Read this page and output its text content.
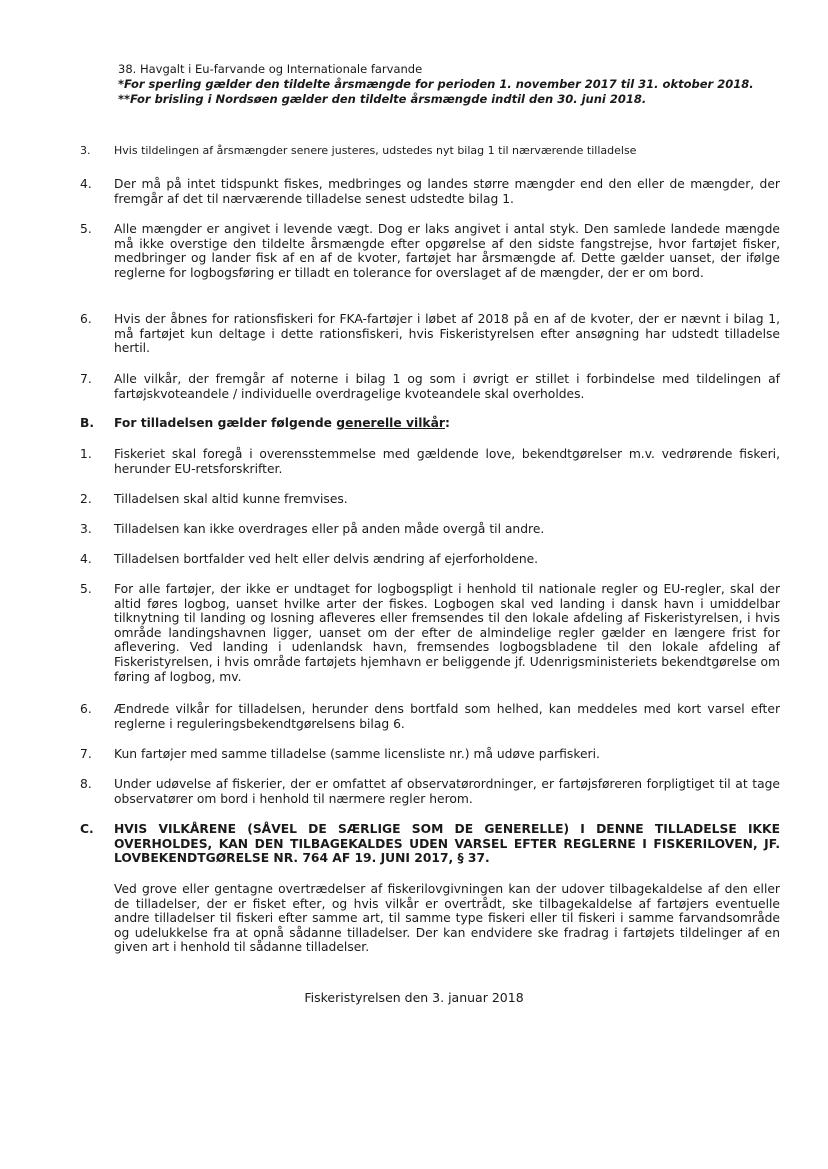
38. Havgalt i Eu-farvande og Internationale farvande
*For sperling gælder den tildelte årsmængde for perioden 1. november 2017 til 31. oktober 2018.
**For brisling i Nordsøen gælder den tildelte årsmængde indtil den 30. juni 2018.
3.	Hvis tildelingen af årsmængder senere justeres, udstedes nyt bilag 1 til nærværende tilladelse
4.	Der må på intet tidspunkt fiskes, medbringes og landes større mængder end den eller de mængder, der fremgår af det til nærværende tilladelse senest udstedte bilag 1.
5.	Alle mængder er angivet i levende vægt. Dog er laks angivet i antal styk. Den samlede landede mængde må ikke overstige den tildelte årsmængde efter opgørelse af den sidste fangstrejse, hvor fartøjet fisker, medbringer og lander fisk af en af de kvoter, fartøjet har årsmængde af. Dette gælder uanset, der ifølge reglerne for logbogsføring er tilladt en tolerance for overslaget af de mængder, der er om bord.
6.	Hvis der åbnes for rationsfiskeri for FKA-fartøjer i løbet af 2018 på en af de kvoter, der er nævnt i bilag 1, må fartøjet kun deltage i dette rationsfiskeri, hvis Fiskeristyrelsen efter ansøgning har udstedt tilladelse hertil.
7.	Alle vilkår, der fremgår af noterne i bilag 1 og som i øvrigt er stillet i forbindelse med tildelingen af fartøjskvoteandele / individuelle overdragelige kvoteandele skal overholdes.
B.	For tilladelsen gælder følgende generelle vilkår:
1.	Fiskeriet skal foregå i overensstemmelse med gældende love, bekendtgørelser m.v. vedrørende fiskeri, herunder EU-retsforskrifter.
2.	Tilladelsen skal altid kunne fremvises.
3.	Tilladelsen kan ikke overdrages eller på anden måde overgå til andre.
4.	Tilladelsen bortfalder ved helt eller delvis ændring af ejerforholdene.
5.	For alle fartøjer, der ikke er undtaget for logbogspligt i henhold til nationale regler og EU-regler, skal der altid føres logbog, uanset hvilke arter der fiskes. Logbogen skal ved landing i dansk havn i umiddelbar tilknytning til landing og losning afleveres eller fremsendes til den lokale afdeling af Fiskeristyrelsen, i hvis område landingshavnen ligger, uanset om der efter de almindelige regler gælder en længere frist for aflevering. Ved landing i udenlandsk havn, fremsendes logbogsbladene til den lokale afdeling af Fiskeristyrelsen, i hvis område fartøjets hjemhavn er beliggende jf. Udenrigsministeriets bekendtgørelse om føring af logbog, mv.
6.	Ændrede vilkår for tilladelsen, herunder dens bortfald som helhed, kan meddeles med kort varsel efter reglerne i reguleringsbekendtgørelsens bilag 6.
7.	Kun fartøjer med samme tilladelse (samme licensliste nr.) må udøve parfiskeri.
8.	Under udøvelse af fiskerier, der er omfattet af observatørordninger, er fartøjsføreren forpligtiget til at tage observatører om bord i henhold til nærmere regler herom.
C.	HVIS VILKÅRENE (SÅVEL DE SÆRLIGE SOM DE GENERELLE) I DENNE TILLADELSE IKKE OVERHOLDES, KAN DEN TILBAGEKALDES UDEN VARSEL EFTER REGLERNE I FISKERILOVEN, JF. LOVBEKENDTGØRELSE NR. 764 AF 19. JUNI 2017, § 37.
Ved grove eller gentagne overtrædelser af fiskerilovgivningen kan der udover tilbagekaldelse af den eller de tilladelser, der er fisket efter, og hvis vilkår er overtrådt, ske tilbagekaldelse af fartøjers eventuelle andre tilladelser til fiskeri efter samme art, til samme type fiskeri eller til fiskeri i samme farvandsområde og udelukkelse fra at opnå sådanne tilladelser. Der kan endvidere ske fradrag i fartøjets tildelinger af en given art i henhold til sådanne tilladelser.
Fiskeristyrelsen den 3. januar 2018
